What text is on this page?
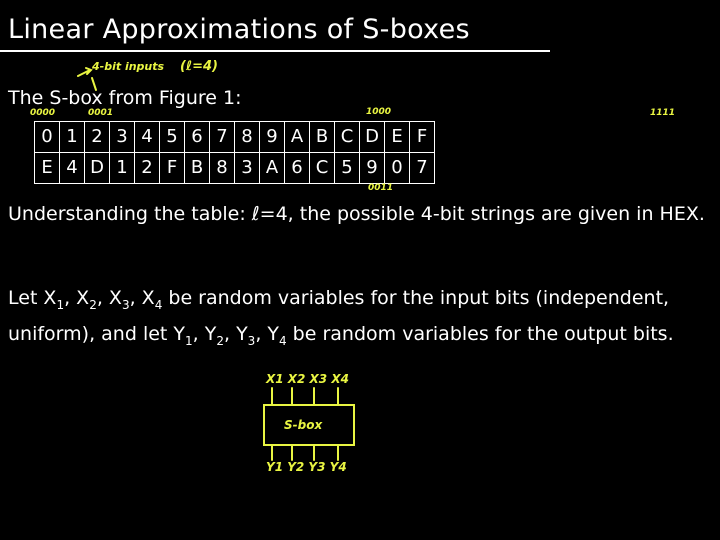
Linear Approximations of S-boxes
The S-box from Figure 1:
0	1	2	3	4	5	6	7	8	9	A	B	C	D	E	F
E	4	D	1	2	F	B	8	3	A	6	C	5	9	0	7
Understanding the table: ℓ=4, the possible 4-bit strings are given in HEX.
Let $X_1$, $X_2$, $X_3$, $X_4$ be random variables for the input bits (independent, uniform), and let $Y_1$, $Y_2$, $Y_3$, $Y_4$ be random variables for the output bits.
4-bit inputs (ℓ=4)
0000	0001	1000	1111
0011
X1 X2 X3 X4
S-box
Y1 Y2 Y3 Y4
